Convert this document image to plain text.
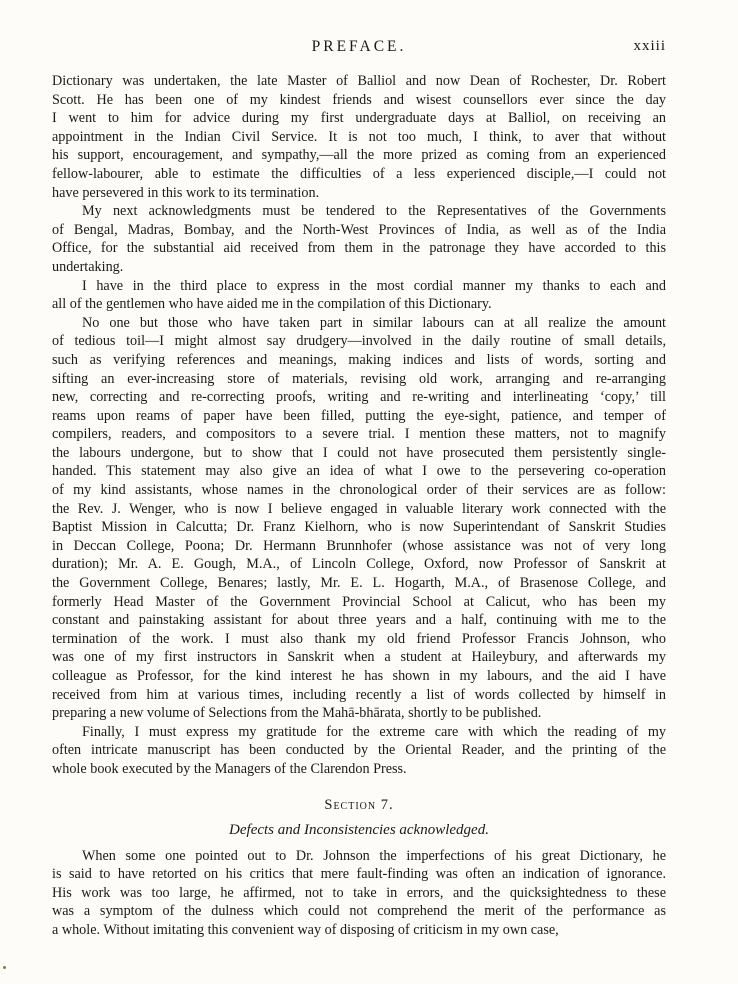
PREFACE.	xxiii

Dictionary was undertaken, the late Master of Balliol and now Dean of Rochester, Dr. Robert

Scott. He has been one of my kindest friends and wisest counsellors ever since the day

I went to him for advice during my first undergraduate days at Balliol, on receiving an

appointment in the Indian Civil Service. It is not too much, I think, to aver that without

his support, encouragement, and sympathy,—all the more prized as coming from an experienced

fellow-labourer, able to estimate the difficulties of a less experienced disciple,—I could not

have persevered in this work to its termination.

My next acknowledgments must be tendered to the Representatives of the Governments

of Bengal, Madras, Bombay, and the North-West Provinces of India, as well as of the India

Office, for the substantial aid received from them in the patronage they have accorded to this

undertaking.

I have in the third place to express in the most cordial manner my thanks to each and

all of the gentlemen who have aided me in the compilation of this Dictionary.

No one but those who have taken part in similar labours can at all realize the amount

of tedious toil—I might almost say drudgery—involved in the daily routine of small details,

such as verifying references and meanings, making indices and lists of words, sorting and

sifting an ever-increasing store of materials, revising old work, arranging and re-arranging

new, correcting and re-correcting proofs, writing and re-writing and interlineating ‘copy,’ till

reams upon reams of paper have been filled, putting the eye-sight, patience, and temper of

compilers, readers, and compositors to a severe trial. I mention these matters, not to magnify

the labours undergone, but to show that I could not have prosecuted them persistently single-

handed. This statement may also give an idea of what I owe to the persevering co-operation

of my kind assistants, whose names in the chronological order of their services are as follow:

the Rev. J. Wenger, who is now I believe engaged in valuable literary work connected with the

Baptist Mission in Calcutta; Dr. Franz Kielhorn, who is now Superintendant of Sanskrit Studies

in Deccan College, Poona; Dr. Hermann Brunnhofer (whose assistance was not of very long

duration); Mr. A. E. Gough, M.A., of Lincoln College, Oxford, now Professor of Sanskrit at

the Government College, Benares; lastly, Mr. E. L. Hogarth, M.A., of Brasenose College, and

formerly Head Master of the Government Provincial School at Calicut, who has been my

constant and painstaking assistant for about three years and a half, continuing with me to the

termination of the work. I must also thank my old friend Professor Francis Johnson, who

was one of my first instructors in Sanskrit when a student at Haileybury, and afterwards my

colleague as Professor, for the kind interest he has shown in my labours, and the aid I have

received from him at various times, including recently a list of words collected by himself in

preparing a new volume of Selections from the Mahā-bhārata, shortly to be published.

Finally, I must express my gratitude for the extreme care with which the reading of my

often intricate manuscript has been conducted by the Oriental Reader, and the printing of the

whole book executed by the Managers of the Clarendon Press.

Section 7.
Defects and Inconsistencies acknowledged.

When some one pointed out to Dr. Johnson the imperfections of his great Dictionary, he

is said to have retorted on his critics that mere fault-finding was often an indication of ignorance.

His work was too large, he affirmed, not to take in errors, and the quicksightedness to these

was a symptom of the dulness which could not comprehend the merit of the performance as

a whole. Without imitating this convenient way of disposing of criticism in my own case,
